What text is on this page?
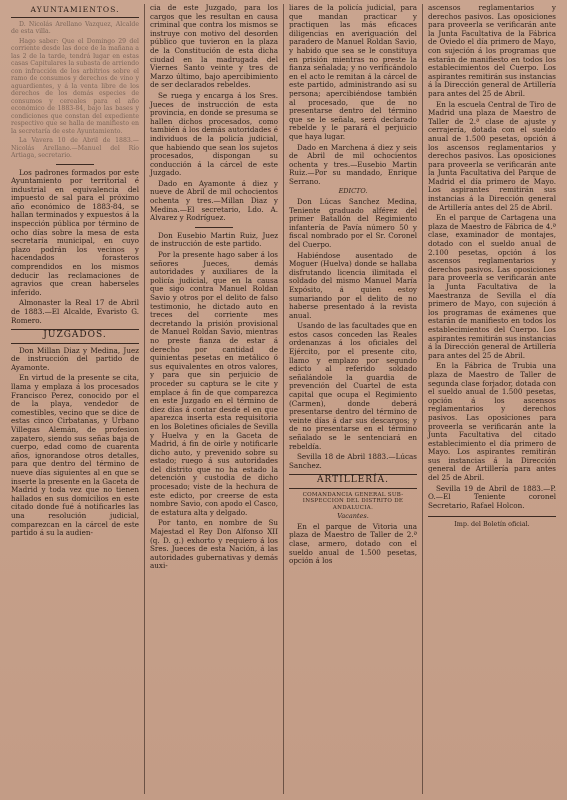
AYUNTAMIENTOS.

D. Nicolás Arellano Vazquez, Alcalde de esta villa.

Hago saber: Que el Domingo 29 del corriente desde las doce de la mañana a las 2 de la tarde, tendrá lugar en estas casas Capitulares la subasta de arriendo con infracción de los arbitrios sobre el ramo de consumos y derechos de vino y aguardientes, y á la venta libre de los derechos de los demás especies de consumos y cereales para el año económico de 1883-84, bajo las bases y condiciones que constan del expediente respectivo que se halla de manifiesto en la secretaría de este Ayuntamiento.

La Vavera 10 de Abril de 1883.—Nicolás Arellano.—Manuel del Río Artiaga, secretario.

Los padrones formados por este Ayuntamiento por territorial é industrial en equivalencia del impuesto de sal para el próximo año económico de 1883-84, se hallan terminados y expuestos á la inspección pública por término de ocho días sobre la mesa de esta secretaría municipal, en cuyo plazo podrán los vecinos y hacendados forasteros comprendidos en los mismos deducir las reclamaciones de agravios que crean haberseles inferido.

Almonaster la Real 17 de Abril de 1883.—El Alcalde, Evaristo G. Romero.

JUZGADOS.

Don Millan Diaz y Medina, Juez de instrucción del partido de Ayamonte.

En virtud de la presente se cita, llama y emplaza á los procesados Francisco Perez, conocido por el de la playa, vendedor de comestibles, vecino que se dice de estas cinco Cirbatanas, y Urbano Villegas Alemán, de profesion zapatero, siendo sus señas baja de cuerpo, edad como de cuarenta años, ignorandose otros detalles, para que dentro del término de nueve días siguientes al en que se inserte la presente en la Gaceta de Madrid y toda vez que no tienen hallados en sus domicilios en este citado donde fué á notificarles las una resolución judicial, comparezcan en la cárcel de este partido á su la audien-

cia de este Juzgado, para los cargos que les resultan en causa criminal que contra los mismos se instruye con motivo del desorden público que tuvieron en la plaza de la Constitución de esta dicha ciudad en la madrugada del Viernes Santo veinte y tres de Marzo último, bajo apercibimiento de ser declarados rebeldes.

Se ruega y encarga á los Sres. Jueces de instrucción de esta provincia, en donde se presuma se hallen dichos procesados, como también á los demás autoridades é individuos de la policía judicial, que habiendo que sean los sujetos procesados, dispongan su conducción á la cárcel de este Juzgado.

Dado en Ayamonte á diez y nueve de Abril de mil ochocientos ochenta y tres.—Millan Diaz y Medina.—El secretario, Ldo. A. Alvarez y Rodríguez.

Don Eusebio Martin Ruiz, Juez de instrucción de este partido.

Por la presente hago saber á los señores Jueces, demás autoridades y auxiliares de la policía judicial, que en la causa que sigo contra Manuel Roldan Savio y otros por el delito de falso testimonio, he dictado auto en treces del corriente mes decretando la prisión provisional de Manuel Roldan Savio, mientras no preste fianza de estar á derecho por cantidad de quinientas pesetas en metálico ó sus equivalentes en otros valores, y para que sin perjuicio de proceder su captura se le cite y emplace á fin de que comparezca en este Juzgado en el término de diez días á contar desde el en que aparezca inserta esta requisitoria en los Boletines oficiales de Sevilla y Huelva y en la Gaceta de Madrid, á fin de oirle y notificarle dicho auto, y prevenido sobre su estado; ruego á sus autoridades del distrito que no ha estado la detención y custodia de dicho procesado; viste de la hechura de este edicto, por creerse de esta nombre Savio, con apodo el Casco, de estatura alta y delgado.

Por tanto, en nombre de Su Majestad el Rey Don Alfonso XII (q. D. g.) exhorto y requiero á los Sres. Jueces de esta Nación, á las autoridades gubernativas y demás auxi-

liares de la policía judicial, para que mandan practicar y practiquen las más eficaces diligencias en averiguación del paradero de Manuel Roldan Savio, y habido que sea se le constituya en prisión mientras no preste la fianza señalada; y no verificándolo en el acto le remitan á la cárcel de este partido, administrando así su persona; apercibiéndose también al procesado, que de no presentarse dentro del término que se le señala, será declarado rebelde y le parará el perjuicio que haya lugar.

Dado en Marchena á diez y seis de Abril de mil ochocientos ochenta y tres.—Eusebio Martin Ruiz.—Por su mandado, Enrique Serrano.

EDICTO.

Don Lúcas Sanchez Medina, Teniente graduado alférez del primer Batallón del Regimiento infantería de Pavía número 50 y fiscal nombrado por el Sr. Coronel del Cuerpo.

Habiéndose ausentado de Moguer (Huelva) donde se hallaba disfrutando licencia ilimitada el soldado del mismo Manuel María Expósito, á quien estoy sumariando por el delito de no haberse presentado á la revista anual.

Usando de las facultades que en estos casos conceden las Reales ordenanzas á los oficiales del Ejército, por el presente cito, llamo y emplazo por segundo edicto al referido soldado señalándole la guardia de prevención del Cuartel de esta capital que ocupa el Regimiento (Carmen), donde deberá presentarse dentro del término de veinte días á dar sus descargos; y de no presentarse en el término señalado se le sentenciará en rebeldía.

Sevilla 18 de Abril 1883.—Lúcas Sanchez.

ARTILLERÍA.
COMANDANCIA GENERAL SUB-INSPECCION DEL DISTRITO DE ANDALUCIA.
Vacantes.

En el parque de Vitoria una plaza de Maestro de Taller de 2.ª clase, armero, dotado con el sueldo anual de 1.500 pesetas, opción á los

ascensos reglamentarios y derechos pasivos. Las oposiciones para proveerla se verificarán ante la Junta Facultativa de la Fábrica de Oviedo el día primero de Mayo, con sujeción á los programas que estarán de manifiesto en todos los establecimientos del Cuerpo. Los aspirantes remitirán sus instancias á la Dirección general de Artillería para antes del 25 de Abril.

En la escuela Central de Tiro de Madrid una plaza de Maestro de Taller de 2.ª clase de ajuste y cerrajería, dotada con el sueldo anual de 1.500 pesetas, opción á los ascensos reglamentarios y derechos pasivos. Las oposiciones para proveerla se verificarán ante la Junta Facultativa del Parque de Madrid el día primero de Mayo. Los aspirantes remitirán sus instancias á la Dirección general de Artillería antes del 25 de Abril.

En el parque de Cartagena una plaza de Maestro de Fábrica de 4.ª clase, examinador de montajes, dotado con el sueldo anual de 2.100 pesetas, opción á los ascensos reglamentarios y derechos pasivos. Las oposiciones para proveerla se verificarán ante la Junta Facultativa de la Maestranza de Sevilla el día primero de Mayo, con sujeción á los programas de exámenes que estarán de manifiesto en todos los establecimientos del Cuerpo. Los aspirantes remitirán sus instancias á la Dirección general de Artillería para antes del 25 de Abril.

En la Fábrica de Trubia una plaza de Maestro de Taller de segunda clase forjador, dotada con el sueldo anual de 1.500 pesetas, opción á los ascensos reglamentarios y derechos pasivos. Las oposiciones para proveerla se verificarán ante la Junta Facultativa del citado establecimiento el día primero de Mayo. Los aspirantes remitirán sus instancias á la Dirección general de Artillería para antes del 25 de Abril.

Sevilla 19 de Abril de 1883.—P. O.—El Teniente coronel Secretario, Rafael Holcon.

Imp. del Boletín oficial.
